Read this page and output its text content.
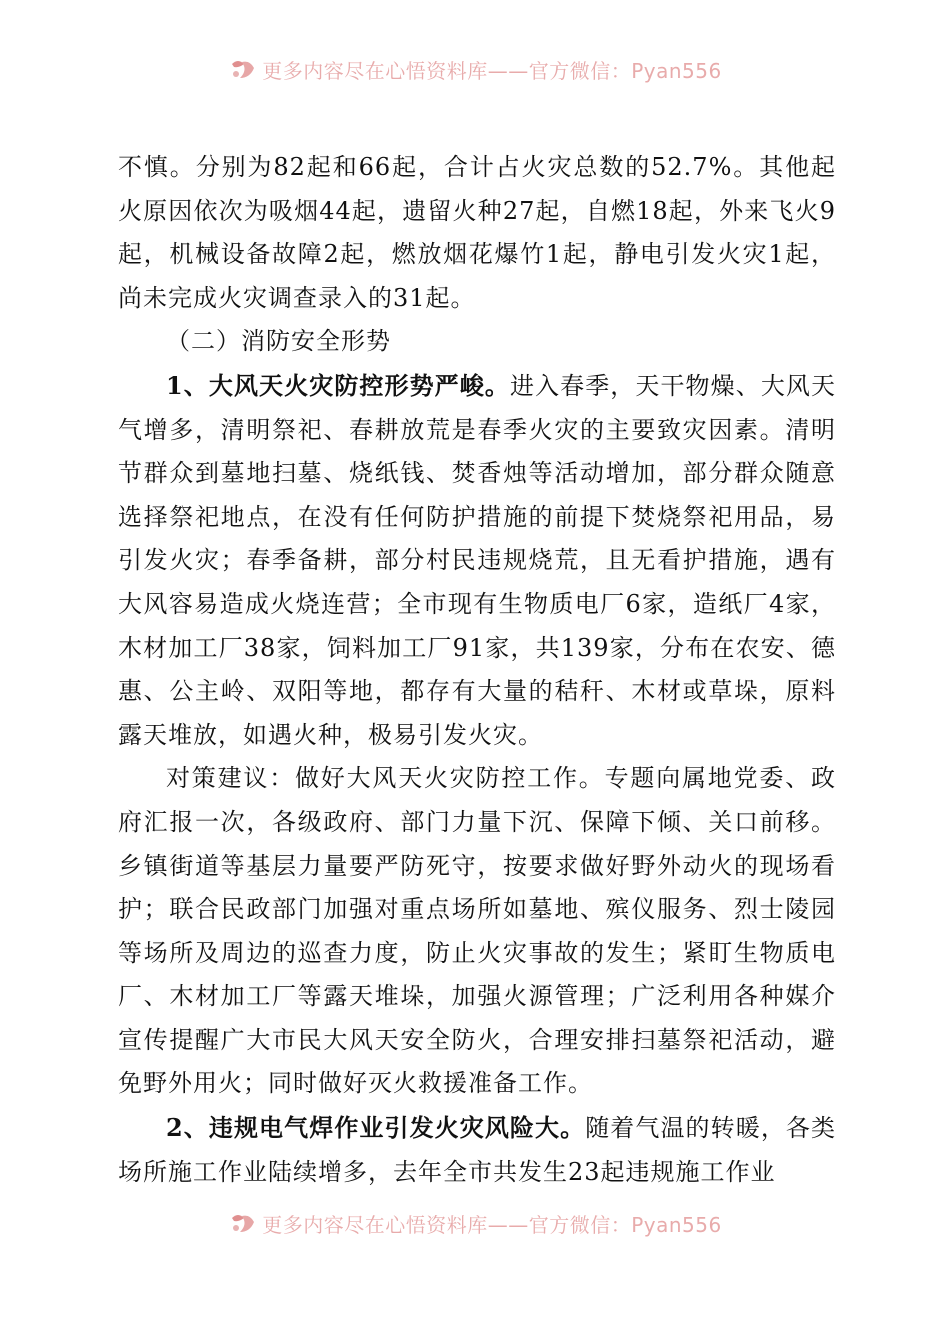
更多内容尽在心悟资料库——官方微信：Pyan556

不慎。分别为82起和66起，合计占火灾总数的52.7%。其他起火原因依次为吸烟44起，遗留火种27起，自燃18起，外来飞火9起，机械设备故障2起，燃放烟花爆竹1起，静电引发火灾1起，尚未完成火灾调查录入的31起。

（二）消防安全形势

1、大风天火灾防控形势严峻。进入春季，天干物燥、大风天气增多，清明祭祀、春耕放荒是春季火灾的主要致灾因素。清明节群众到墓地扫墓、烧纸钱、焚香烛等活动增加，部分群众随意选择祭祀地点，在没有任何防护措施的前提下焚烧祭祀用品，易引发火灾；春季备耕，部分村民违规烧荒，且无看护措施，遇有大风容易造成火烧连营；全市现有生物质电厂6家，造纸厂4家，木材加工厂38家，饲料加工厂91家，共139家，分布在农安、德惠、公主岭、双阳等地，都存有大量的秸秆、木材或草垛，原料露天堆放，如遇火种，极易引发火灾。

对策建议：做好大风天火灾防控工作。专题向属地党委、政府汇报一次，各级政府、部门力量下沉、保障下倾、关口前移。乡镇街道等基层力量要严防死守，按要求做好野外动火的现场看护；联合民政部门加强对重点场所如墓地、殡仪服务、烈士陵园等场所及周边的巡查力度，防止火灾事故的发生；紧盯生物质电厂、木材加工厂等露天堆垛，加强火源管理；广泛利用各种媒介宣传提醒广大市民大风天安全防火，合理安排扫墓祭祀活动，避免野外用火；同时做好灭火救援准备工作。

2、违规电气焊作业引发火灾风险大。随着气温的转暖，各类场所施工作业陆续增多，去年全市共发生23起违规施工作业

更多内容尽在心悟资料库——官方微信：Pyan556
